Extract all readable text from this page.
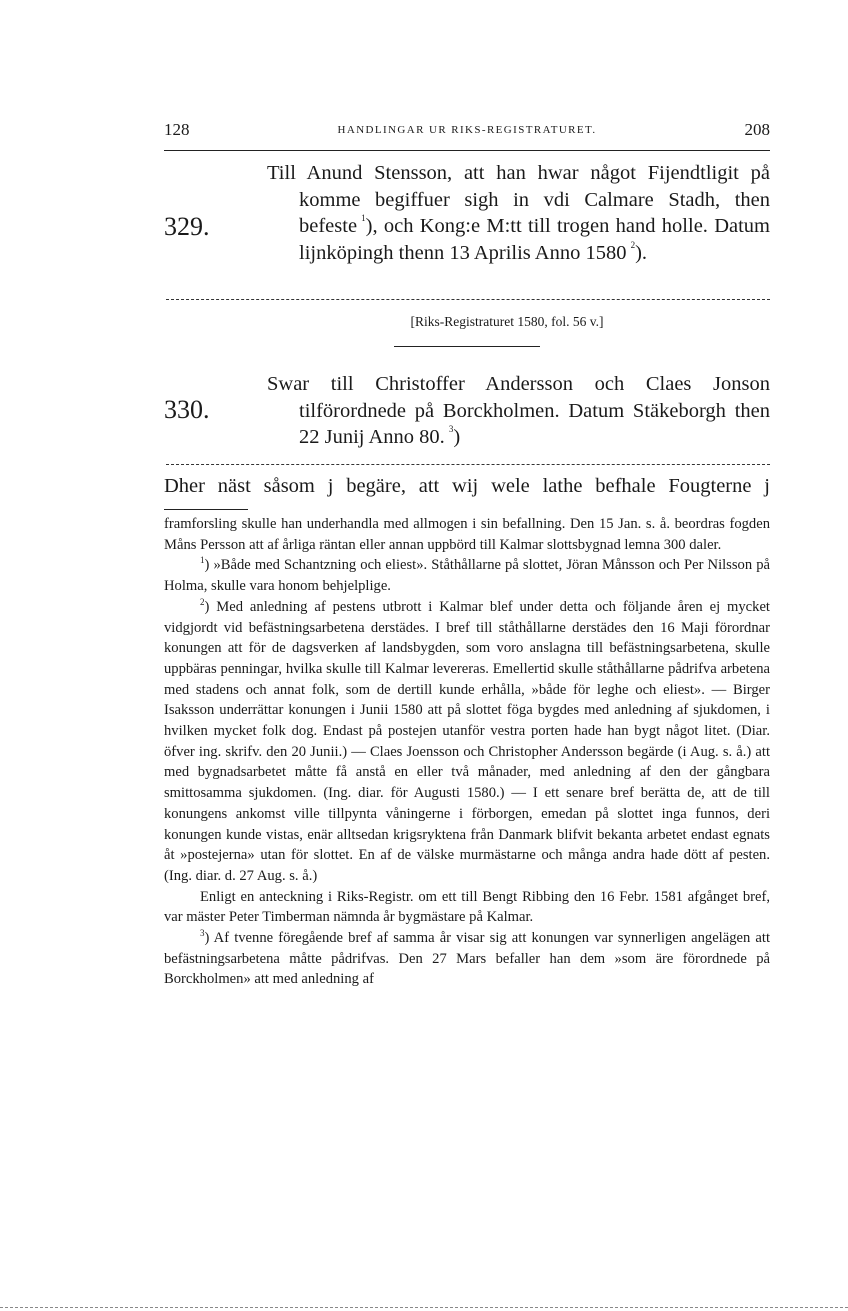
128	HANDLINGAR UR RIKS-REGISTRATURET.	208
329.
Till Anund Stensson, att han hwar något Fijendtligit på komme begiffuer sigh in vdi Calmare Stadh, then befeste  $^1$), och Kong:e M:tt till trogen hand holle. Datum lijnköpingh thenn 13 Aprilis Anno 1580  $^2$).
[Riks-Registraturet 1580, fol. 56 v.]
330.
Swar till Christoffer Andersson och Claes Jonson tilförordnede på Borckholmen. Datum Stäkeborgh then 22 Junij Anno 80.  $^3$)
Dher näst såsom j begäre, att wij wele lathe befhale Fougterne j

framforsling skulle han underhandla med allmogen i sin befallning. Den 15 Jan. s. å. beordras fogden Måns Persson att af årliga räntan eller annan uppbörd till Kalmar slottsbygnad lemna 300 daler.

$^1$) »Både med Schantzning och eliest». Ståthållarne på slottet, Jöran Månsson och Per Nilsson på Holma, skulle vara honom behjelplige.

$^2$) Med anledning af pestens utbrott i Kalmar blef under detta och följande åren ej mycket vidgjordt vid befästningsarbetena derstädes. I bref till ståthållarne derstädes den 16 Maji förordnar konungen att för de dagsverken af landsbygden, som voro anslagna till befästningsarbetena, skulle uppbäras penningar, hvilka skulle till Kalmar levereras. Emellertid skulle ståthållarne pådrifva arbetena med stadens och annat folk, som de dertill kunde erhålla, »både för leghe och eliest». — Birger Isaksson underrättar konungen i Junii 1580 att på slottet föga bygdes med anledning af sjukdomen, i hvilken mycket folk dog. Endast på postejen utanför vestra porten hade han bygt något litet. (Diar. öfver ing. skrifv. den 20 Junii.) — Claes Joensson och Christopher Andersson begärde (i Aug. s. å.) att med bygnadsarbetet måtte få anstå en eller två månader, med anledning af den der gångbara smittosamma sjukdomen. (Ing. diar. för Augusti 1580.) — I ett senare bref berätta de, att de till konungens ankomst ville tillpynta våningerne i förborgen, emedan på slottet inga funnos, deri konungen kunde vistas, enär alltsedan krigsryktena från Danmark blifvit bekanta arbetet endast egnats åt »postejerna» utan för slottet. En af de välske murmästarne och många andra hade dött af pesten. (Ing. diar. d. 27 Aug. s. å.)

Enligt en anteckning i Riks-Registr. om ett till Bengt Ribbing den 16 Febr. 1581 afgånget bref, var mäster Peter Timberman nämnda år bygmästare på Kalmar.

$^3$) Af tvenne föregående bref af samma år visar sig att konungen var synnerligen angelägen att befästningsarbetena måtte pådrifvas. Den 27 Mars befaller han dem »som äre förordnede på Borckholmen» att med anledning af
